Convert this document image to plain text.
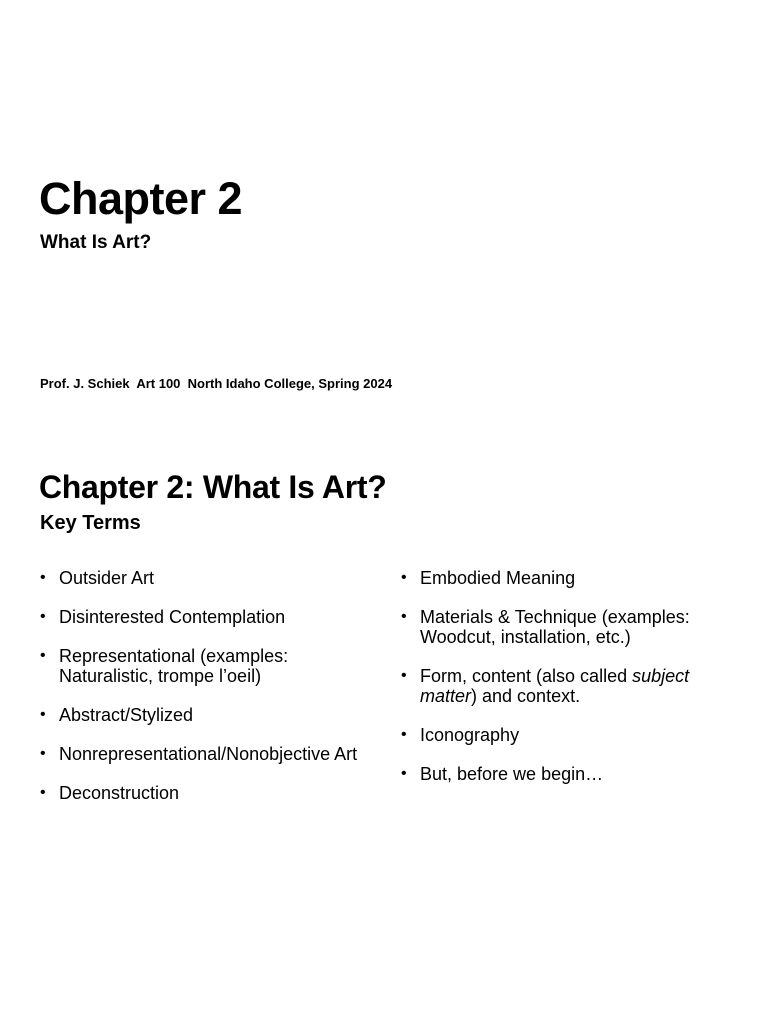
Chapter 2
What Is Art?

Prof. J. Schiek  Art 100  North Idaho College, Spring 2024

Chapter 2: What Is Art?
Key Terms
• Outsider Art
• Disinterested Contemplation
• Representational (examples: Naturalistic, trompe l’oeil)
• Abstract/Stylized
• Nonrepresentational/Nonobjective Art
• Deconstruction
• Embodied Meaning
• Materials & Technique (examples: Woodcut, installation, etc.)
• Form, content (also called subject matter) and context.
• Iconography
• But, before we begin…
